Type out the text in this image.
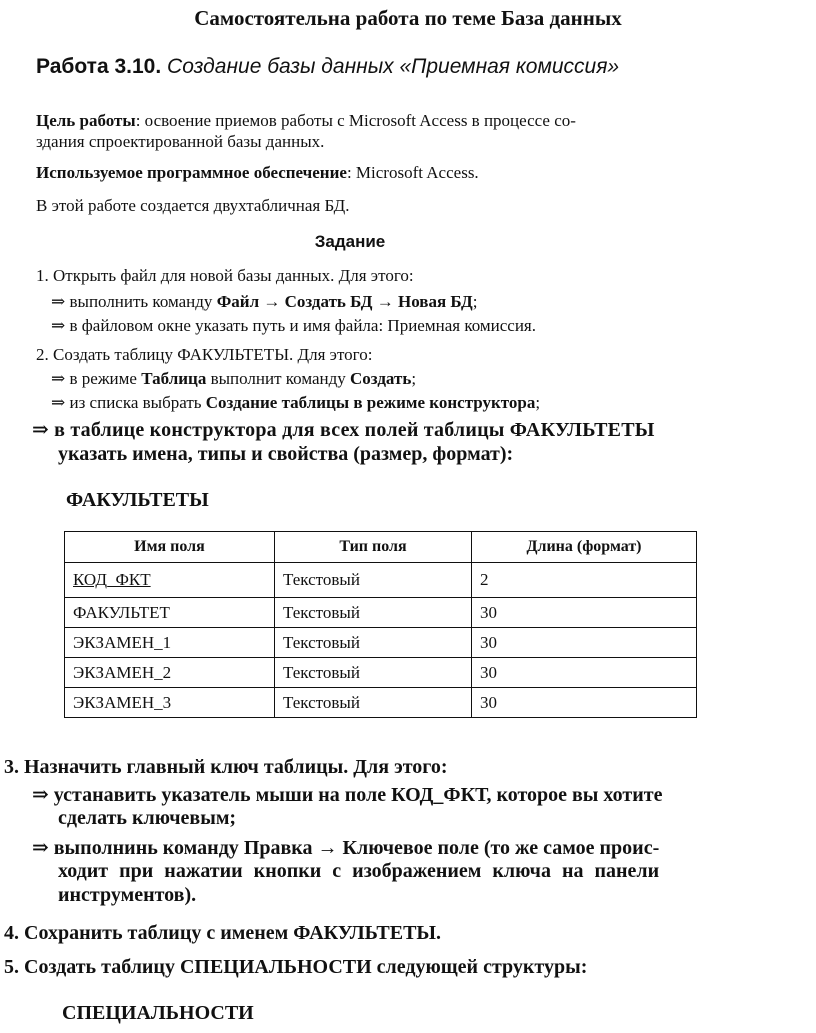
Самостоятельна работа по теме База данных
Работа 3.10. Создание базы данных «Приемная комиссия»
Цель работы: освоение приемов работы с Microsoft Access в процессе со-
здания спроектированной базы данных.
Используемое программное обеспечение: Microsoft Access.
В этой работе создается двухтабличная БД.
Задание
1. Открыть файл для новой базы данных. Для этого:
⇒ выполнить команду Файл → Создать БД → Новая БД;
⇒ в файловом окне указать путь и имя файла: Приемная комиссия.
2. Создать таблицу ФАКУЛЬТЕТЫ. Для этого:
⇒ в режиме Таблица выполнит команду Создать;
⇒ из списка выбрать Создание таблицы в режиме конструктора;
⇒ в таблице конструктора для всех полей таблицы ФАКУЛЬТЕТЫ
указать имена, типы и свойства (размер, формат):
ФАКУЛЬТЕТЫ
Имя поля	Тип поля	Длина (формат)
КОД_ФКТ	Текстовый	2
ФАКУЛЬТЕТ	Текстовый	30
ЭКЗАМЕН_1	Текстовый	30
ЭКЗАМЕН_2	Текстовый	30
ЭКЗАМЕН_3	Текстовый	30
3. Назначить главный ключ таблицы. Для этого:
⇒ устанавить указатель мыши на поле КОД_ФКТ, которое вы хотите
сделать ключевым;
⇒ выполнинь команду Правка → Ключевое поле (то же самое проис-
ходит при нажатии кнопки с изображением ключа на панели
инструментов).
4. Сохранить таблицу с именем ФАКУЛЬТЕТЫ.
5. Создать таблицу СПЕЦИАЛЬНОСТИ следующей структуры:
СПЕЦИАЛЬНОСТИ
